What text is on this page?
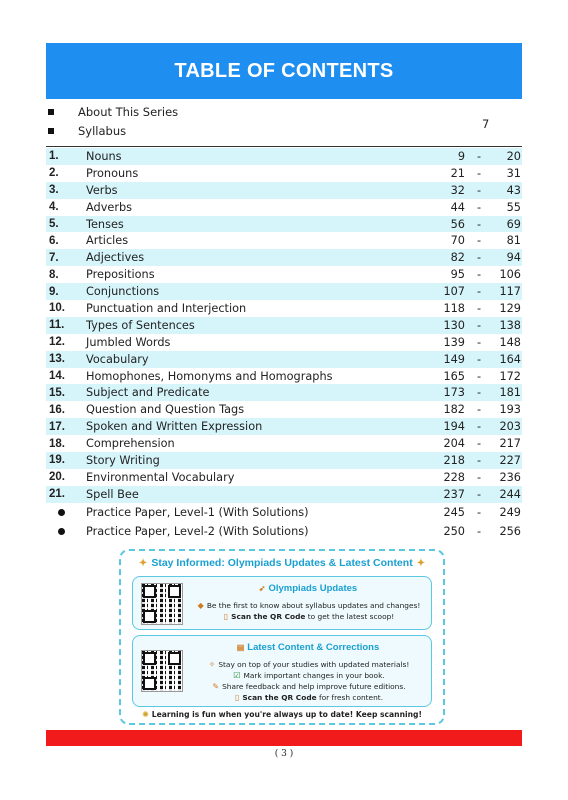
TABLE OF CONTENTS
About This Series
Syllabus	7
1.	Nouns	9	-	20
2.	Pronouns	21	-	31
3.	Verbs	32	-	43
4.	Adverbs	44	-	55
5.	Tenses	56	-	69
6.	Articles	70	-	81
7.	Adjectives	82	-	94
8.	Prepositions	95	-	106
9.	Conjunctions	107	-	117
10.	Punctuation and Interjection	118	-	129
11.	Types of Sentences	130	-	138
12.	Jumbled Words	139	-	148
13.	Vocabulary	149	-	164
14.	Homophones, Homonyms and Homographs	165	-	172
15.	Subject and Predicate	173	-	181
16.	Question and Question Tags	182	-	193
17.	Spoken and Written Expression	194	-	203
18.	Comprehension	204	-	217
19.	Story Writing	218	-	227
20.	Environmental Vocabulary	228	-	236
21.	Spell Bee	237	-	244
Practice Paper, Level-1 (With Solutions)	245	-	249
Practice Paper, Level-2 (With Solutions)	250	-	256
✦ Stay Informed: Olympiads Updates & Latest Content ✦
➶ Olympiads Updates
◆ Be the first to know about syllabus updates and changes!
▯ Scan the QR Code to get the latest scoop!
▤ Latest Content & Corrections
✧ Stay on top of your studies with updated materials!
☑ Mark important changes in your book.
✎ Share feedback and help improve future editions.
▯ Scan the QR Code for fresh content.
✺ Learning is fun when you're always up to date! Keep scanning!
( 3 )
